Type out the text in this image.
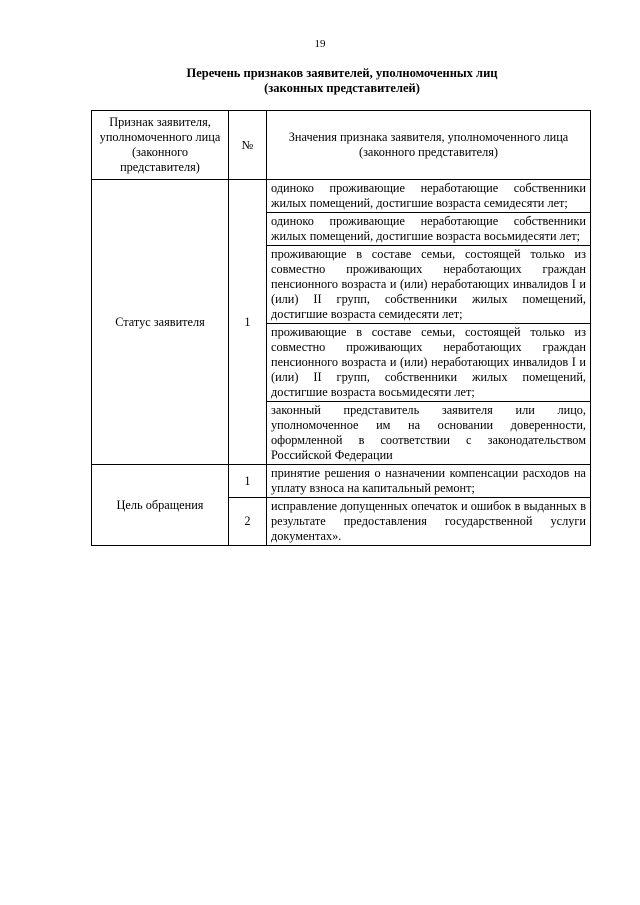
19
Перечень признаков заявителей, уполномоченных лиц
(законных представителей)
Признак заявителя, уполномоченного лица (законного представителя)	№	Значения признака заявителя, уполномоченного лица (законного представителя)
Статус заявителя	1	одиноко проживающие неработающие собственники жилых помещений, достигшие возраста семидесяти лет;
		одиноко проживающие неработающие собственники жилых помещений, достигшие возраста восьмидесяти лет;
		проживающие в составе семьи, состоящей только из совместно проживающих неработающих граждан пенсионного возраста и (или) неработающих инвалидов I и (или) II групп, собственники жилых помещений, достигшие возраста семидесяти лет;
		проживающие в составе семьи, состоящей только из совместно проживающих неработающих граждан пенсионного возраста и (или) неработающих инвалидов I и (или) II групп, собственники жилых помещений, достигшие возраста восьмидесяти лет;
		законный представитель заявителя или лицо, уполномоченное им на основании доверенности, оформленной в соответствии с законодательством Российской Федерации
Цель обращения	1	принятие решения о назначении компенсации расходов на уплату взноса на капитальный ремонт;
	2	исправление допущенных опечаток и ошибок в выданных в результате предоставления государственной услуги документах».
